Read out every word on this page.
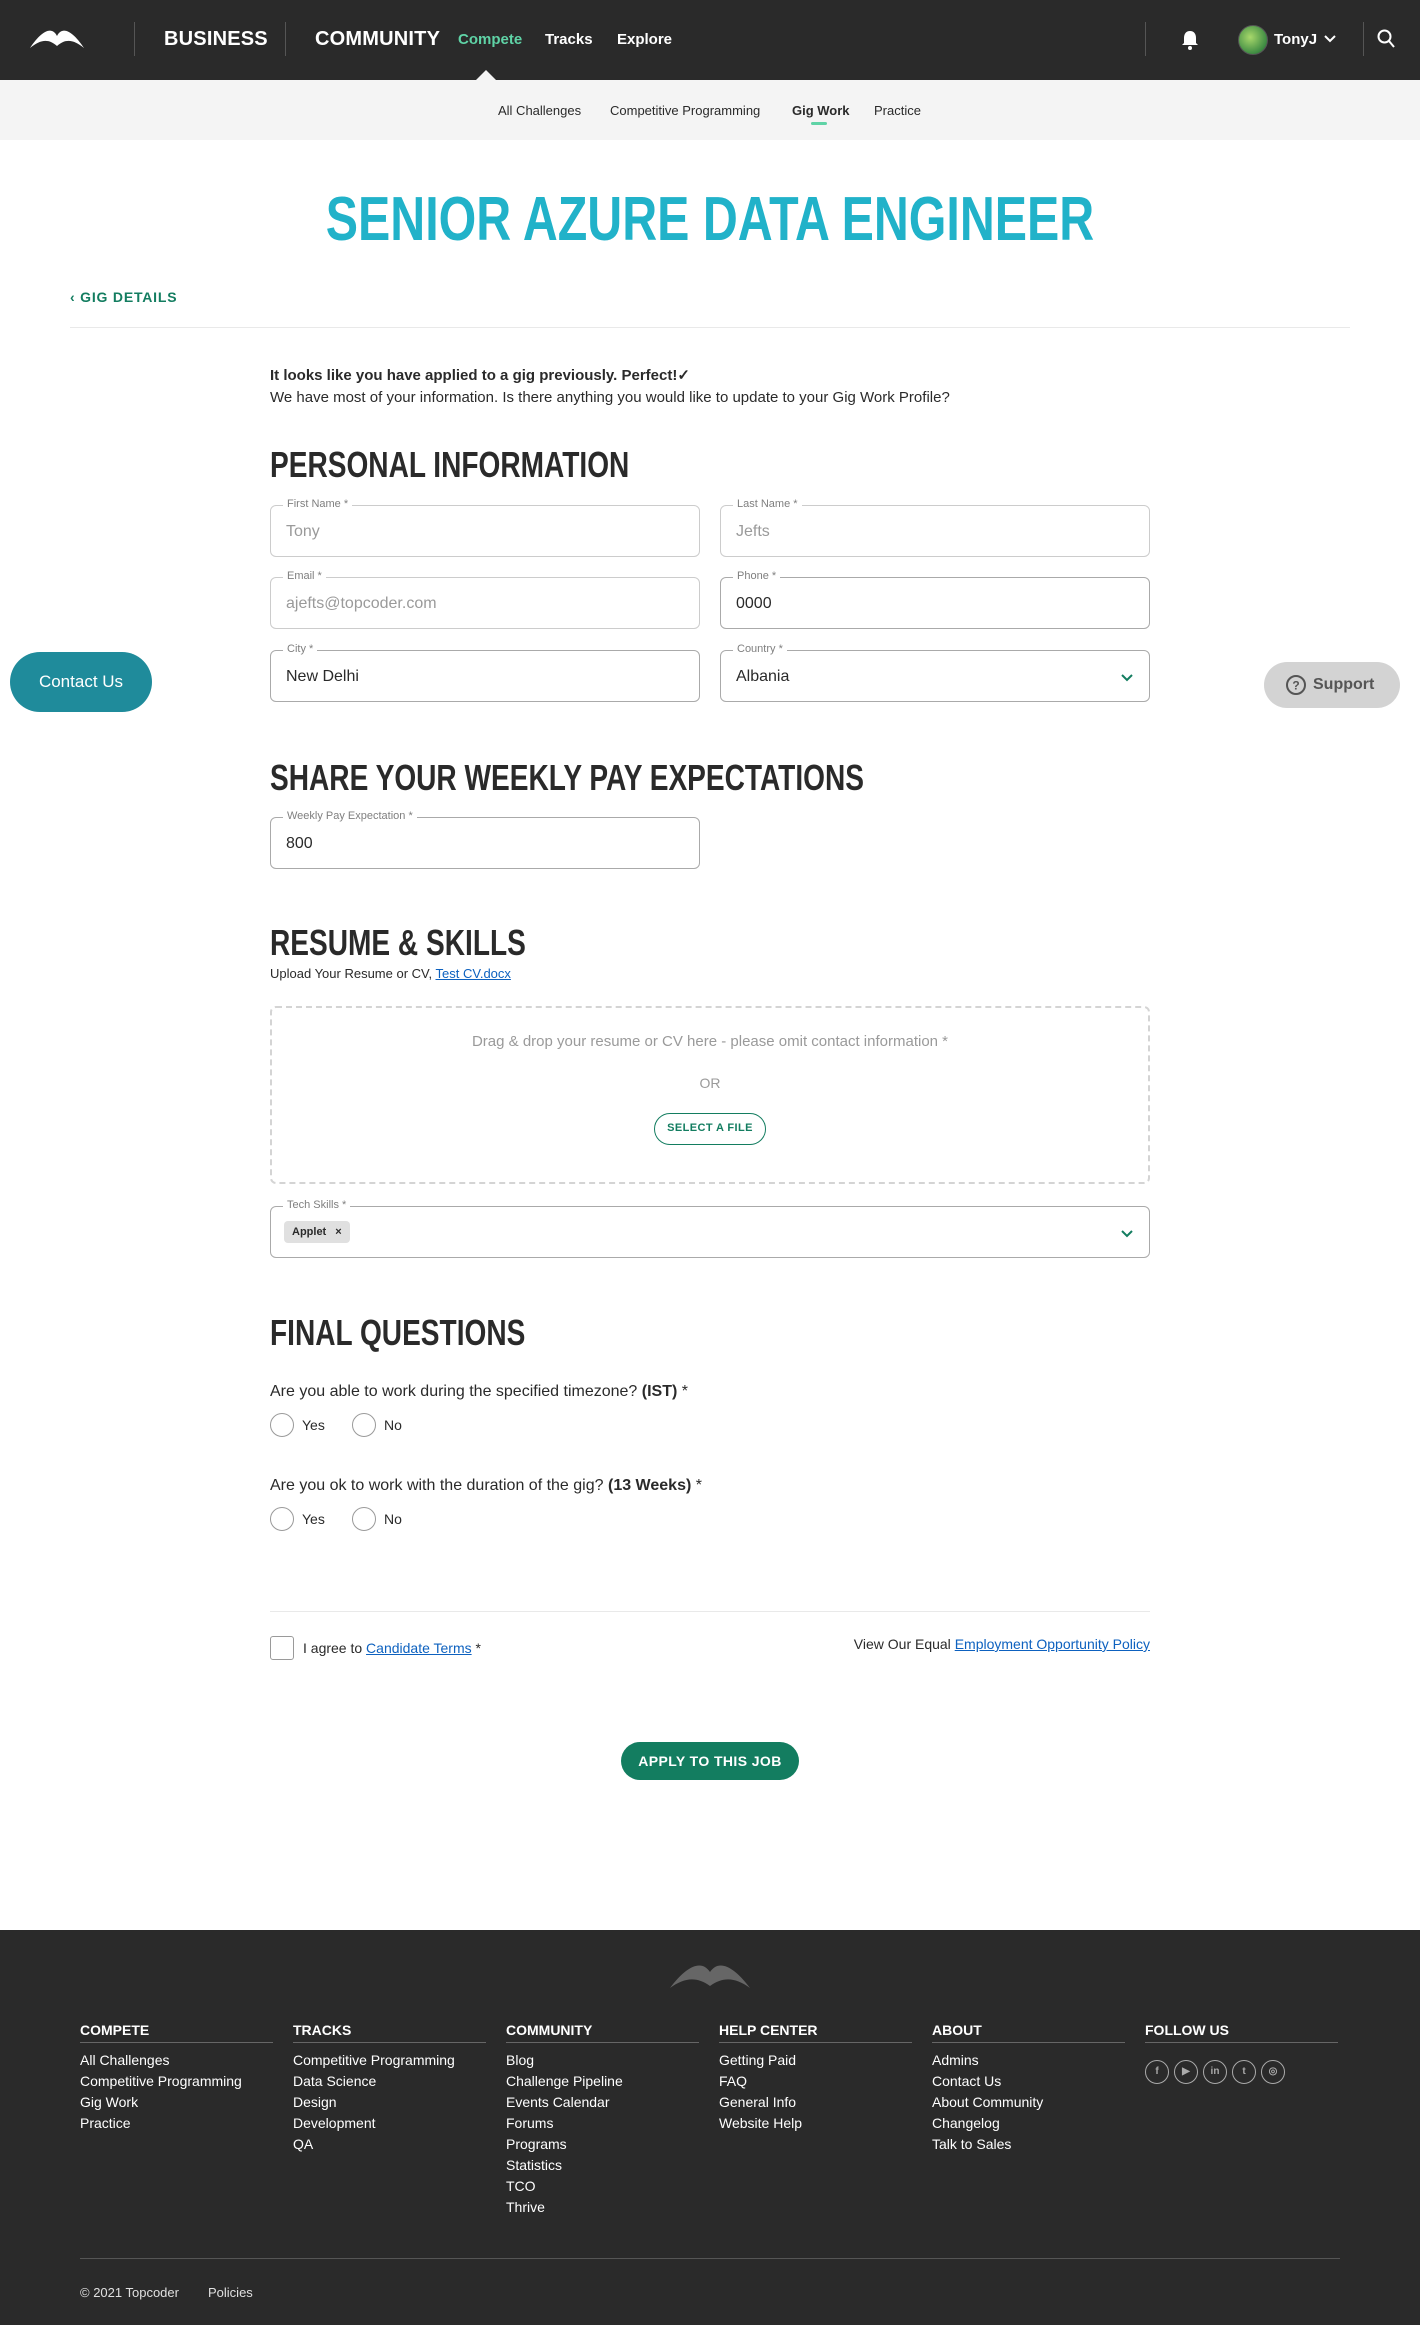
BUSINESS COMMUNITY Compete Tracks Explore	TonyJ
All Challenges Competitive Programming Gig Work Practice
SENIOR AZURE DATA ENGINEER
‹ GIG DETAILS
It looks like you have applied to a gig previously. Perfect!✓
We have most of your information. Is there anything you would like to update to your Gig Work Profile?
PERSONAL INFORMATION
First Name *
Tony
Last Name *
Jefts
Email *
ajefts@topcoder.com
Phone *
0000
City *
New Delhi
Country *
Albania
SHARE YOUR WEEKLY PAY EXPECTATIONS
Weekly Pay Expectation *
800
RESUME & SKILLS
Upload Your Resume or CV, Test CV.docx
Drag & drop your resume or CV here - please omit contact information *
OR
SELECT A FILE
Tech Skills *
Applet ×
FINAL QUESTIONS
Are you able to work during the specified timezone? (IST) *
Yes	No
Are you ok to work with the duration of the gig? (13 Weeks) *
Yes	No
I agree to Candidate Terms *	View Our Equal Employment Opportunity Policy
APPLY TO THIS JOB
Contact Us	? Support
COMPETE
All Challenges
Competitive Programming
Gig Work
Practice
TRACKS
Competitive Programming
Data Science
Design
Development
QA
COMMUNITY
Blog
Challenge Pipeline
Events Calendar
Forums
Programs
Statistics
TCO
Thrive
HELP CENTER
Getting Paid
FAQ
General Info
Website Help
ABOUT
Admins
Contact Us
About Community
Changelog
Talk to Sales
FOLLOW US
f	▶	in	t	◎
© 2021 Topcoder Policies
